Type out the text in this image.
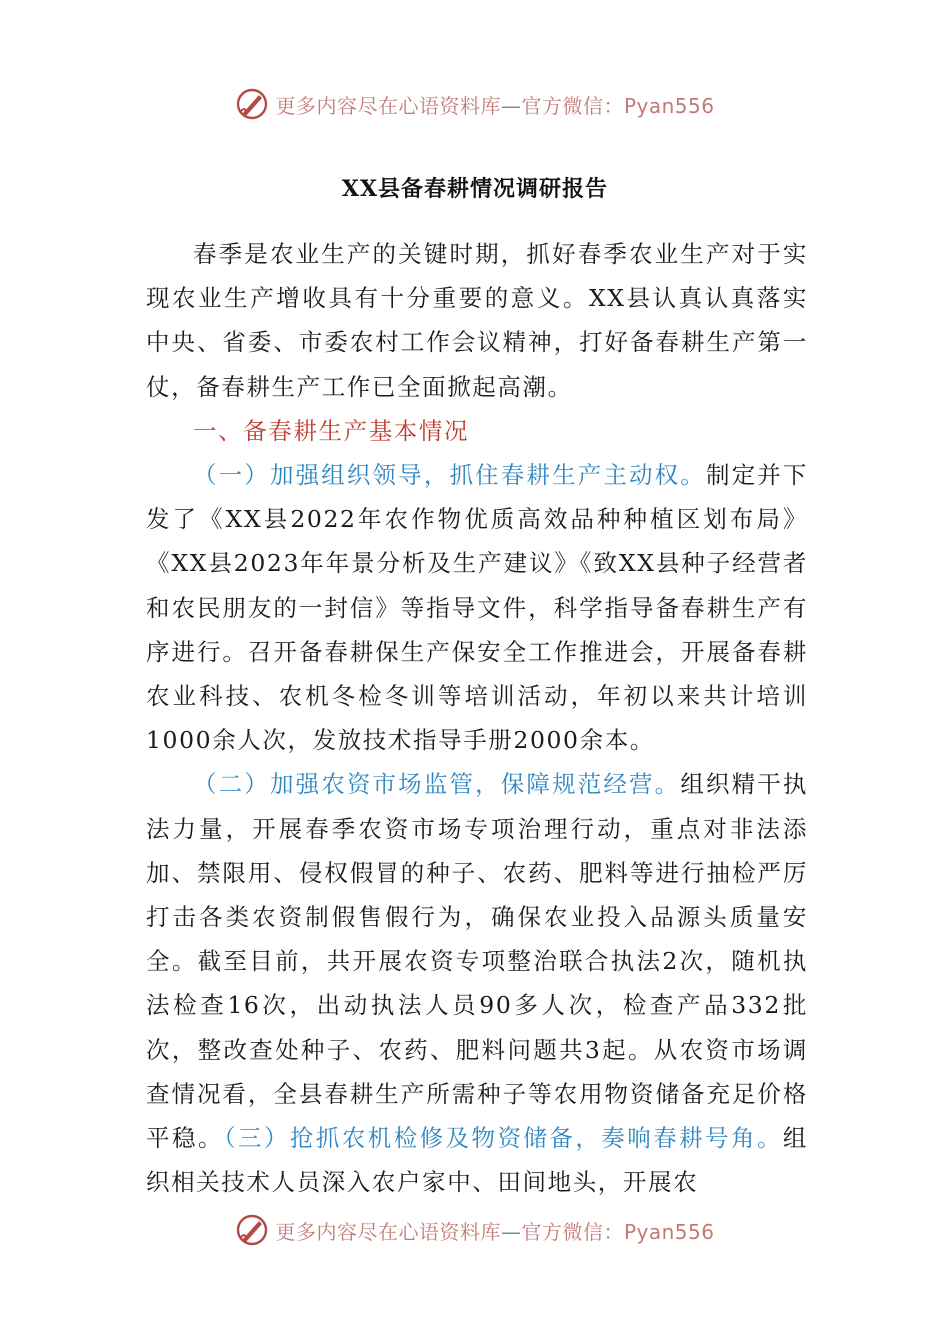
更多内容尽在心语资料库—官方微信：Pyan556
XX县备春耕情况调研报告

春季是农业生产的关键时期，抓好春季农业生产对于实现农业生产增收具有十分重要的意义。XX县认真认真落实中央、省委、市委农村工作会议精神，打好备春耕生产第一仗，备春耕生产工作已全面掀起高潮。

一、备春耕生产基本情况

（一）加强组织领导，抓住春耕生产主动权。制定并下发了《XX县2022年农作物优质高效品种种植区划布局》《XX县2023年年景分析及生产建议》《致XX县种子经营者和农民朋友的一封信》等指导文件，科学指导备春耕生产有序进行。召开备春耕保生产保安全工作推进会，开展备春耕农业科技、农机冬检冬训等培训活动，年初以来共计培训1000余人次，发放技术指导手册2000余本。

（二）加强农资市场监管，保障规范经营。组织精干执法力量，开展春季农资市场专项治理行动，重点对非法添加、禁限用、侵权假冒的种子、农药、肥料等进行抽检严厉打击各类农资制假售假行为，确保农业投入品源头质量安全。截至目前，共开展农资专项整治联合执法2次，随机执法检查16次，出动执法人员90多人次，检查产品332批次，整改查处种子、农药、肥料问题共3起。从农资市场调查情况看，全县春耕生产所需种子等农用物资储备充足价格平稳。（三）抢抓农机检修及物资储备，奏响春耕号角。组织相关技术人员深入农户家中、田间地头，开展农

更多内容尽在心语资料库—官方微信：Pyan556
